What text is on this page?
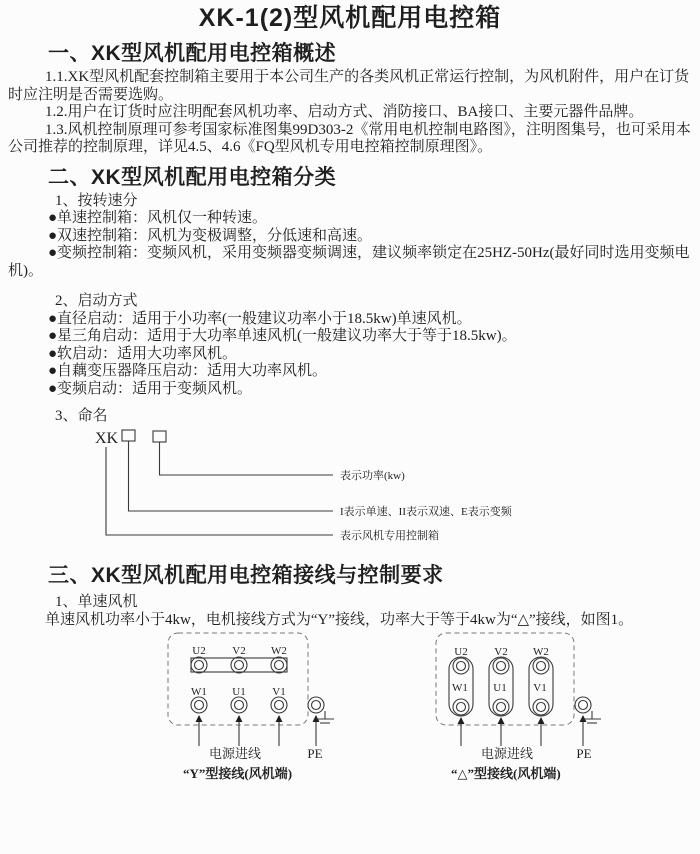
XK-1(2)型风机配用电控箱
一、XK型风机配用电控箱概述

1.1.XK型风机配套控制箱主要用于本公司生产的各类风机正常运行控制，为风机附件，用户在订货时应注明是否需要选购。

1.2.用户在订货时应注明配套风机功率、启动方式、消防接口、BA接口、主要元器件品牌。

1.3.风机控制原理可参考国家标准图集99D303-2《常用电机控制电路图》，注明图集号，也可采用本公司推荐的控制原理，详见4.5、4.6《FQ型风机专用电控箱控制原理图》。

二、XK型风机配用电控箱分类

1、按转速分

●单速控制箱：风机仅一种转速。

●双速控制箱：风机为变极调整，分低速和高速。

●变频控制箱：变频风机，采用变频器变频调速，建议频率锁定在25HZ-50Hz(最好同时选用变频电机)。

2、启动方式

●直径启动：适用于小功率(一般建议功率小于18.5kw)单速风机。

●星三角启动：适用于大功率单速风机(一般建议功率大于等于18.5kw)。

●软启动：适用大功率风机。

●自藕变压器降压启动：适用大功率风机。

●变频启动：适用于变频风机。

3、命名

XK
表示功率(kw)
I表示单速、II表示双速、E表示变频
表示风机专用控制箱
三、XK型风机配用电控箱接线与控制要求

1、单速风机

单速风机功率小于4kw，电机接线方式为“Y”接线，功率大于等于4kw为“△”接线，如图1。

U2 V2 W2
W1 U1 V1
电源进线	PE
U2 V2 W2
W1 U1 V1
电源进线	PE
“Y”型接线(风机端)	“△”型接线(风机端)
